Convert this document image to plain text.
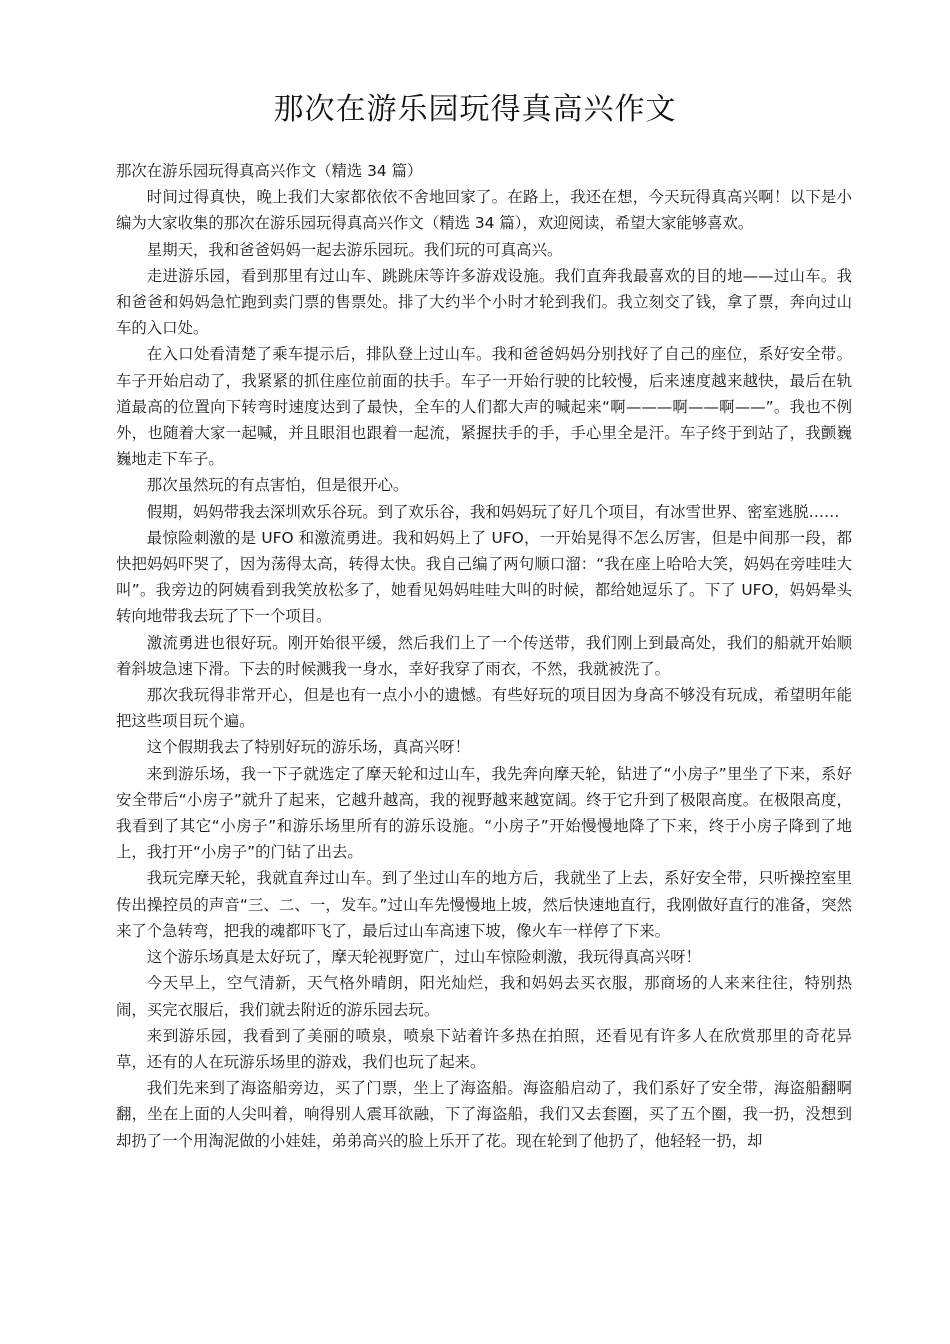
那次在游乐园玩得真高兴作文

那次在游乐园玩得真高兴作文（精选 34 篇）

时间过得真快，晚上我们大家都依依不舍地回家了。在路上，我还在想，今天玩得真高兴啊！以下是小编为大家收集的那次在游乐园玩得真高兴作文（精选 34 篇），欢迎阅读，希望大家能够喜欢。

星期天，我和爸爸妈妈一起去游乐园玩。我们玩的可真高兴。

走进游乐园，看到那里有过山车、跳跳床等许多游戏设施。我们直奔我最喜欢的目的地——过山车。我和爸爸和妈妈急忙跑到卖门票的售票处。排了大约半个小时才轮到我们。我立刻交了钱，拿了票，奔向过山车的入口处。

在入口处看清楚了乘车提示后，排队登上过山车。我和爸爸妈妈分别找好了自己的座位，系好安全带。车子开始启动了，我紧紧的抓住座位前面的扶手。车子一开始行驶的比较慢，后来速度越来越快，最后在轨道最高的位置向下转弯时速度达到了最快，全车的人们都大声的喊起来“啊———啊——啊——”。我也不例外，也随着大家一起喊，并且眼泪也跟着一起流，紧握扶手的手，手心里全是汗。车子终于到站了，我颤巍巍地走下车子。

那次虽然玩的有点害怕，但是很开心。

假期，妈妈带我去深圳欢乐谷玩。到了欢乐谷，我和妈妈玩了好几个项目，有冰雪世界、密室逃脱……

最惊险刺激的是 UFO 和激流勇进。我和妈妈上了 UFO，一开始晃得不怎么厉害，但是中间那一段，都快把妈妈吓哭了，因为荡得太高，转得太快。我自己编了两句顺口溜：“我在座上哈哈大笑，妈妈在旁哇哇大叫”。我旁边的阿姨看到我笑放松多了，她看见妈妈哇哇大叫的时候，都给她逗乐了。下了 UFO，妈妈晕头转向地带我去玩了下一个项目。

激流勇进也很好玩。刚开始很平缓，然后我们上了一个传送带，我们刚上到最高处，我们的船就开始顺着斜坡急速下滑。下去的时候溅我一身水，幸好我穿了雨衣，不然，我就被洗了。

那次我玩得非常开心，但是也有一点小小的遗憾。有些好玩的项目因为身高不够没有玩成，希望明年能把这些项目玩个遍。

这个假期我去了特别好玩的游乐场，真高兴呀！

来到游乐场，我一下子就选定了摩天轮和过山车，我先奔向摩天轮，钻进了“小房子”里坐了下来，系好安全带后“小房子”就升了起来，它越升越高，我的视野越来越宽阔。终于它升到了极限高度。在极限高度，我看到了其它“小房子”和游乐场里所有的游乐设施。“小房子”开始慢慢地降了下来，终于小房子降到了地上，我打开“小房子”的门钻了出去。

我玩完摩天轮，我就直奔过山车。到了坐过山车的地方后，我就坐了上去，系好安全带，只听操控室里传出操控员的声音“三、二、一，发车。”过山车先慢慢地上坡，然后快速地直行，我刚做好直行的准备，突然来了个急转弯，把我的魂都吓飞了，最后过山车高速下坡，像火车一样停了下来。

这个游乐场真是太好玩了，摩天轮视野宽广，过山车惊险刺激，我玩得真高兴呀！

今天早上，空气清新，天气格外晴朗，阳光灿烂，我和妈妈去买衣服，那商场的人来来往往，特别热闹，买完衣服后，我们就去附近的游乐园去玩。

来到游乐园，我看到了美丽的喷泉，喷泉下站着许多热在拍照，还看见有许多人在欣赏那里的奇花异草，还有的人在玩游乐场里的游戏，我们也玩了起来。

我们先来到了海盗船旁边，买了门票，坐上了海盗船。海盗船启动了，我们系好了安全带，海盗船翻啊翻，坐在上面的人尖叫着，响得别人震耳欲融，下了海盗船，我们又去套圈，买了五个圈，我一扔，没想到却扔了一个用淘泥做的小娃娃，弟弟高兴的脸上乐开了花。现在轮到了他扔了，他轻轻一扔，却
